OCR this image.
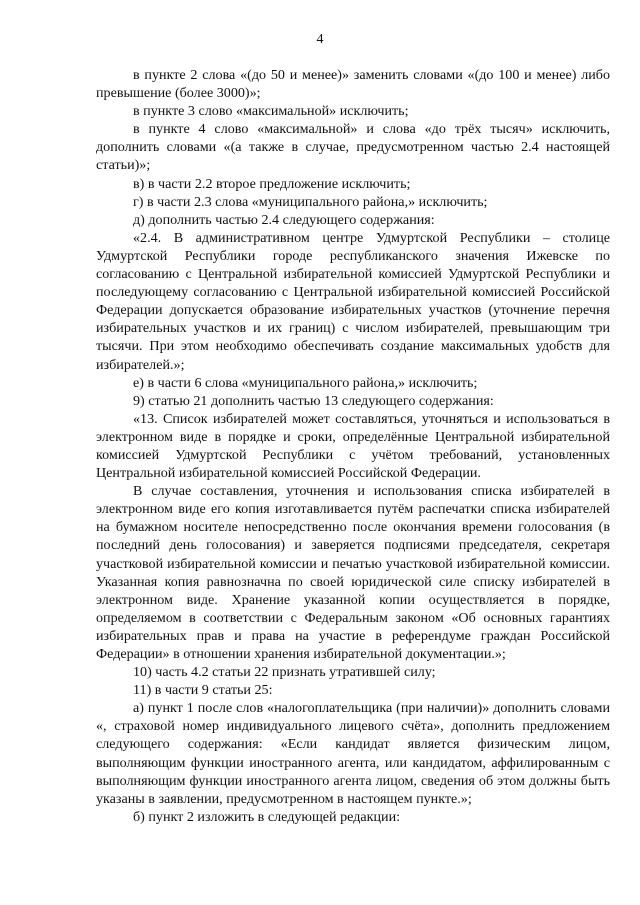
4

в пункте 2 слова «(до 50 и менее)» заменить словами «(до 100 и менее) либо превышение (более 3000)»;

в пункте 3 слово «максимальной» исключить;

в пункте 4 слово «максимальной» и слова «до трёх тысяч» исключить, дополнить словами «(а также в случае, предусмотренном частью 2.4 настоящей статьи)»;

в) в части 2.2 второе предложение исключить;

г) в части 2.3 слова «муниципального района,» исключить;

д) дополнить частью 2.4 следующего содержания:

«2.4. В административном центре Удмуртской Республики – столице Удмуртской Республики городе республиканского значения Ижевске по согласованию с Центральной избирательной комиссией Удмуртской Республики и последующему согласованию с Центральной избирательной комиссией Российской Федерации допускается образование избирательных участков (уточнение перечня избирательных участков и их границ) с числом избирателей, превышающим три тысячи. При этом необходимо обеспечивать создание максимальных удобств для избирателей.»;

е) в части 6 слова «муниципального района,» исключить;

9) статью 21 дополнить частью 13 следующего содержания:

«13. Список избирателей может составляться, уточняться и использоваться в электронном виде в порядке и сроки, определённые Центральной избирательной комиссией Удмуртской Республики с учётом требований, установленных Центральной избирательной комиссией Российской Федерации.

В случае составления, уточнения и использования списка избирателей в электронном виде его копия изготавливается путём распечатки списка избирателей на бумажном носителе непосредственно после окончания времени голосования (в последний день голосования) и заверяется подписями председателя, секретаря участковой избирательной комиссии и печатью участковой избирательной комиссии. Указанная копия равнозначна по своей юридической силе списку избирателей в электронном виде. Хранение указанной копии осуществляется в порядке, определяемом в соответствии с Федеральным законом «Об основных гарантиях избирательных прав и права на участие в референдуме граждан Российской Федерации» в отношении хранения избирательной документации.»;

10) часть 4.2 статьи 22 признать утратившей силу;

11) в части 9 статьи 25:

а) пункт 1 после слов «налогоплательщика (при наличии)» дополнить словами «, страховой номер индивидуального лицевого счёта», дополнить предложением следующего содержания: «Если кандидат является физическим лицом, выполняющим функции иностранного агента, или кандидатом, аффилированным с выполняющим функции иностранного агента лицом, сведения об этом должны быть указаны в заявлении, предусмотренном в настоящем пункте.»;

б) пункт 2 изложить в следующей редакции:
